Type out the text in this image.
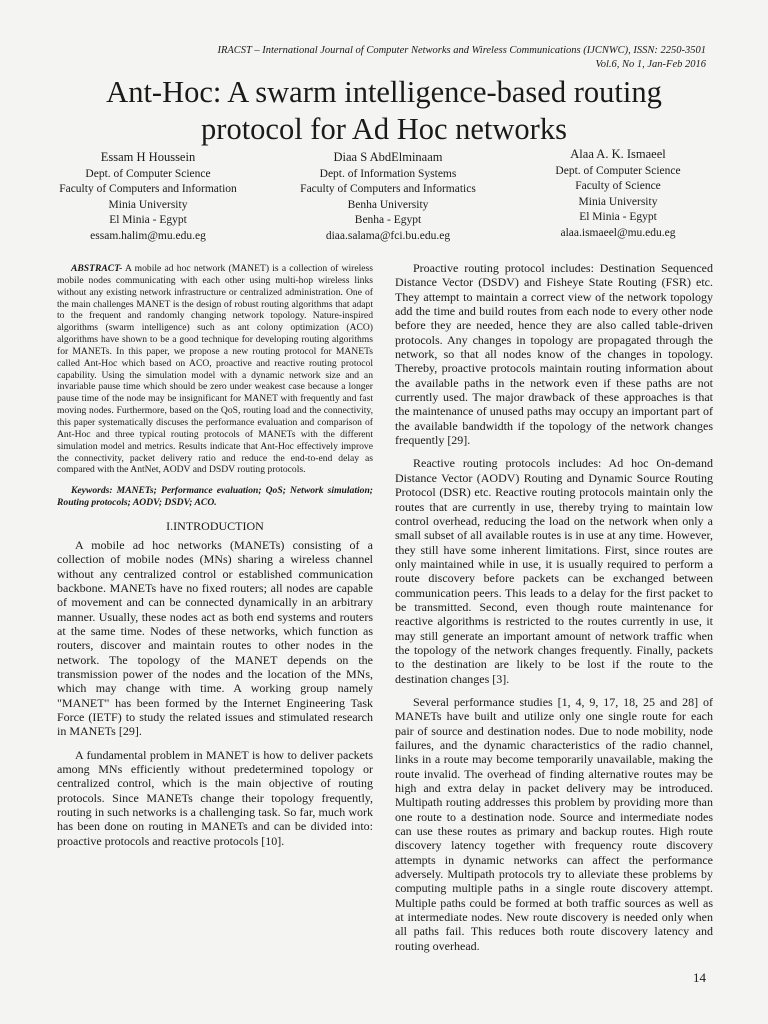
IRACST – International Journal of Computer Networks and Wireless Communications (IJCNWC), ISSN: 2250-3501
Vol.6, No 1, Jan-Feb 2016
Ant-Hoc: A swarm intelligence-based routing
protocol for Ad Hoc networks
Essam H Houssein
Dept. of Computer Science
Faculty of Computers and Information
Minia University
El Minia - Egypt
essam.halim@mu.edu.eg
Diaa S AbdElminaam
Dept. of Information Systems
Faculty of Computers and Informatics
Benha University
Benha - Egypt
diaa.salama@fci.bu.edu.eg
Alaa A. K. Ismaeel
Dept. of Computer Science
Faculty of Science
Minia University
El Minia - Egypt
alaa.ismaeel@mu.edu.eg

ABSTRACT- A mobile ad hoc network (MANET) is a collection of wireless mobile nodes communicating with each other using multi-hop wireless links without any existing network infrastructure or centralized administration. One of the main challenges MANET is the design of robust routing algorithms that adapt to the frequent and randomly changing network topology. Nature-inspired algorithms (swarm intelligence) such as ant colony optimization (ACO) algorithms have shown to be a good technique for developing routing algorithms for MANETs. In this paper, we propose a new routing protocol for MANETs called Ant-Hoc which based on ACO, proactive and reactive routing protocol capability. Using the simulation model with a dynamic network size and an invariable pause time which should be zero under weakest case because a longer pause time of the node may be insignificant for MANET with frequently and fast moving nodes. Furthermore, based on the QoS, routing load and the connectivity, this paper systematically discuses the performance evaluation and comparison of Ant-Hoc and three typical routing protocols of MANETs with the different simulation model and metrics. Results indicate that Ant-Hoc effectively improve the connectivity, packet delivery ratio and reduce the end-to-end delay as compared with the AntNet, AODV and DSDV routing protocols.

Keywords: MANETs; Performance evaluation; QoS; Network simulation; Routing protocols; AODV; DSDV; ACO.

I.INTRODUCTION

A mobile ad hoc networks (MANETs) consisting of a collection of mobile nodes (MNs) sharing a wireless channel without any centralized control or established communication backbone. MANETs have no fixed routers; all nodes are capable of movement and can be connected dynamically in an arbitrary manner. Usually, these nodes act as both end systems and routers at the same time. Nodes of these networks, which function as routers, discover and maintain routes to other nodes in the network. The topology of the MANET depends on the transmission power of the nodes and the location of the MNs, which may change with time. A working group namely "MANET" has been formed by the Internet Engineering Task Force (IETF) to study the related issues and stimulated research in MANETs [29].

A fundamental problem in MANET is how to deliver packets among MNs efficiently without predetermined topology or centralized control, which is the main objective of routing protocols. Since MANETs change their topology frequently, routing in such networks is a challenging task. So far, much work has been done on routing in MANETs and can be divided into: proactive protocols and reactive protocols [10].

Proactive routing protocol includes: Destination Sequenced Distance Vector (DSDV) and Fisheye State Routing (FSR) etc. They attempt to maintain a correct view of the network topology add the time and build routes from each node to every other node before they are needed, hence they are also called table-driven protocols. Any changes in topology are propagated through the network, so that all nodes know of the changes in topology. Thereby, proactive protocols maintain routing information about the available paths in the network even if these paths are not currently used. The major drawback of these approaches is that the maintenance of unused paths may occupy an important part of the available bandwidth if the topology of the network changes frequently [29].

Reactive routing protocols includes: Ad hoc On-demand Distance Vector (AODV) Routing and Dynamic Source Routing Protocol (DSR) etc. Reactive routing protocols maintain only the routes that are currently in use, thereby trying to maintain low control overhead, reducing the load on the network when only a small subset of all available routes is in use at any time. However, they still have some inherent limitations. First, since routes are only maintained while in use, it is usually required to perform a route discovery before packets can be exchanged between communication peers. This leads to a delay for the first packet to be transmitted. Second, even though route maintenance for reactive algorithms is restricted to the routes currently in use, it may still generate an important amount of network traffic when the topology of the network changes frequently. Finally, packets to the destination are likely to be lost if the route to the destination changes [3].

Several performance studies [1, 4, 9, 17, 18, 25 and 28] of MANETs have built and utilize only one single route for each pair of source and destination nodes. Due to node mobility, node failures, and the dynamic characteristics of the radio channel, links in a route may become temporarily unavailable, making the route invalid. The overhead of finding alternative routes may be high and extra delay in packet delivery may be introduced. Multipath routing addresses this problem by providing more than one route to a destination node. Source and intermediate nodes can use these routes as primary and backup routes. High route discovery latency together with frequency route discovery attempts in dynamic networks can affect the performance adversely. Multipath protocols try to alleviate these problems by computing multiple paths in a single route discovery attempt. Multiple paths could be formed at both traffic sources as well as at intermediate nodes. New route discovery is needed only when all paths fail. This reduces both route discovery latency and routing overhead.

14
